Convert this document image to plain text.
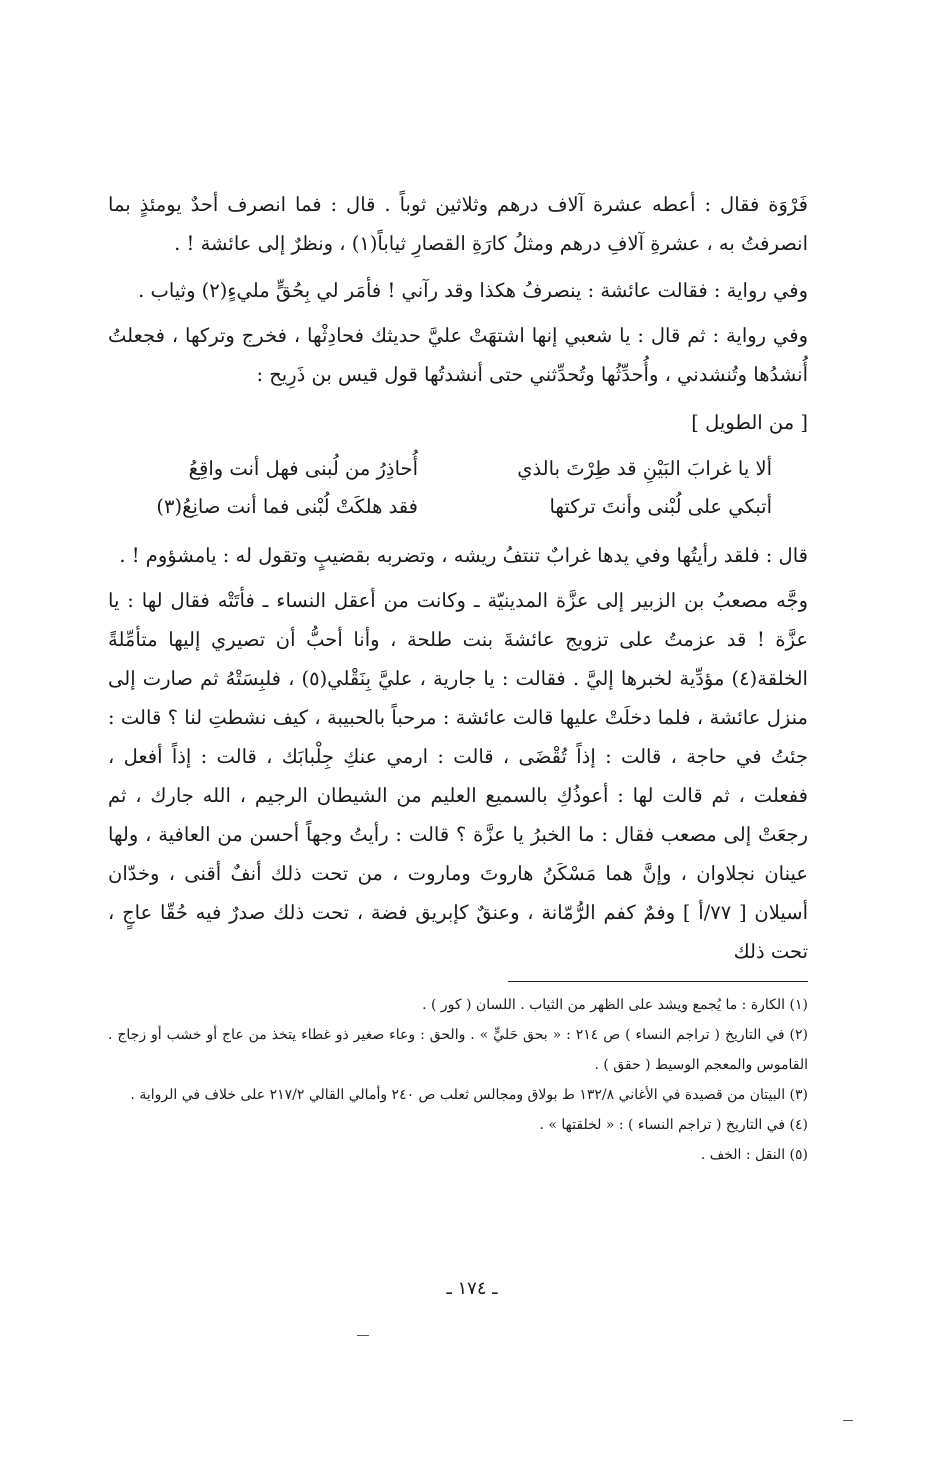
فَرْوَة فقال : أعطه عشرة آلاف درهم وثلاثين ثوباً . قال : فما انصرف أحدٌ يومئذٍ بما انصرفتُ به ، عشرةِ آلافِ درهم ومثلُ كارَةِ القصارِ ثياباً(١) ، ونظرٌ إلى عائشة ! .

وفي رواية : فقالت عائشة : ينصرفُ هكذا وقد رآني ! فأمَر لي بِحُقٍّ مليءٍ(٢) وثياب .

وفي رواية : ثم قال : يا شعبي إنها اشتهَتْ عليَّ حديثك فحادِثْها ، فخرج وتركها ، فجعلتُ أُنشدُها وتُنشدني ، وأُحدِّثُها وتُحدِّثني حتى أنشدتُها قول قيس بن ذَرِيح :

[ من الطويل ]
ألا يا غرابَ البَيْنِ قد طِرْتَ بالذي
أُحاذِرُ من لُبنى فهل أنت واقِعُ
أتبكي على لُبْنى وأنتَ تركتها
فقد هلكَتْ لُبْنى فما أنت صانِعُ(٣)

قال : فلقد رأيتُها وفي يدها غرابٌ تنتفُ ريشه ، وتضربه بقضيبٍ وتقول له : يامشؤوم ! .

وجَّه مصعبُ بن الزبير إلى عزَّة المدينيّة ـ وكانت من أعقل النساء ـ فأتَتْه فقال لها : يا عزَّة ! قد عزمتُ على تزويج عائشةَ بنت طلحة ، وأنا أحبُّ أن تصيري إليها متأمِّلةً الخلقة(٤) مؤدِّية لخبرها إليَّ . فقالت : يا جارية ، عليَّ بِنَقْلي(٥) ، فلبِسَتْهُ ثم صارت إلى منزل عائشة ، فلما دخلَتْ عليها قالت عائشة : مرحباً بالحبيبة ، كيف نشطتِ لنا ؟ قالت : جئتُ في حاجة ، قالت : إذاً تُقْضَى ، قالت : ارمي عنكِ جِلْبابَك ، قالت : إذاً أفعل ، ففعلت ، ثم قالت لها : أعوذُكِ بالسميع العليم من الشيطان الرجيم ، الله جارك ، ثم رجعَتْ إلى مصعب فقال : ما الخبرُ يا عزَّة ؟ قالت : رأيتُ وجهاً أحسن من العافية ، ولها عينان نجلاوان ، وإنَّ هما مَسْكَنُ هاروتَ وماروت ، من تحت ذلك أنفٌ أقنى ، وخدّان أسيلان [ ٧٧/أ ] وفمٌ كفم الرُّمّانة ، وعنقٌ كإبريق فضة ، تحت ذلك صدرٌ فيه حُقّا عاجٍ ، تحت ذلك

(١) الكارة : ما يُجمع ويشد على الظهر من الثياب . اللسان ( كور ) .

(٢) في التاريخ ( تراجم النساء ) ص ٢١٤ : « بحق حَليٍّ » . والحق : وعاء صغير ذو غطاء يتخذ من عاج أو خشب أو زجاج . القاموس والمعجم الوسيط ( حقق ) .

(٣) البيتان من قصيدة في الأغاني ١٣٢/٨ ط بولاق ومجالس ثعلب ص ٢٤٠ وأمالي القالي ٢١٧/٢ على خلاف في الرواية .

(٤) في التاريخ ( تراجم النساء ) : « لخلقتها » .

(٥) النقل : الخف .

ـ ١٧٤ ـ
